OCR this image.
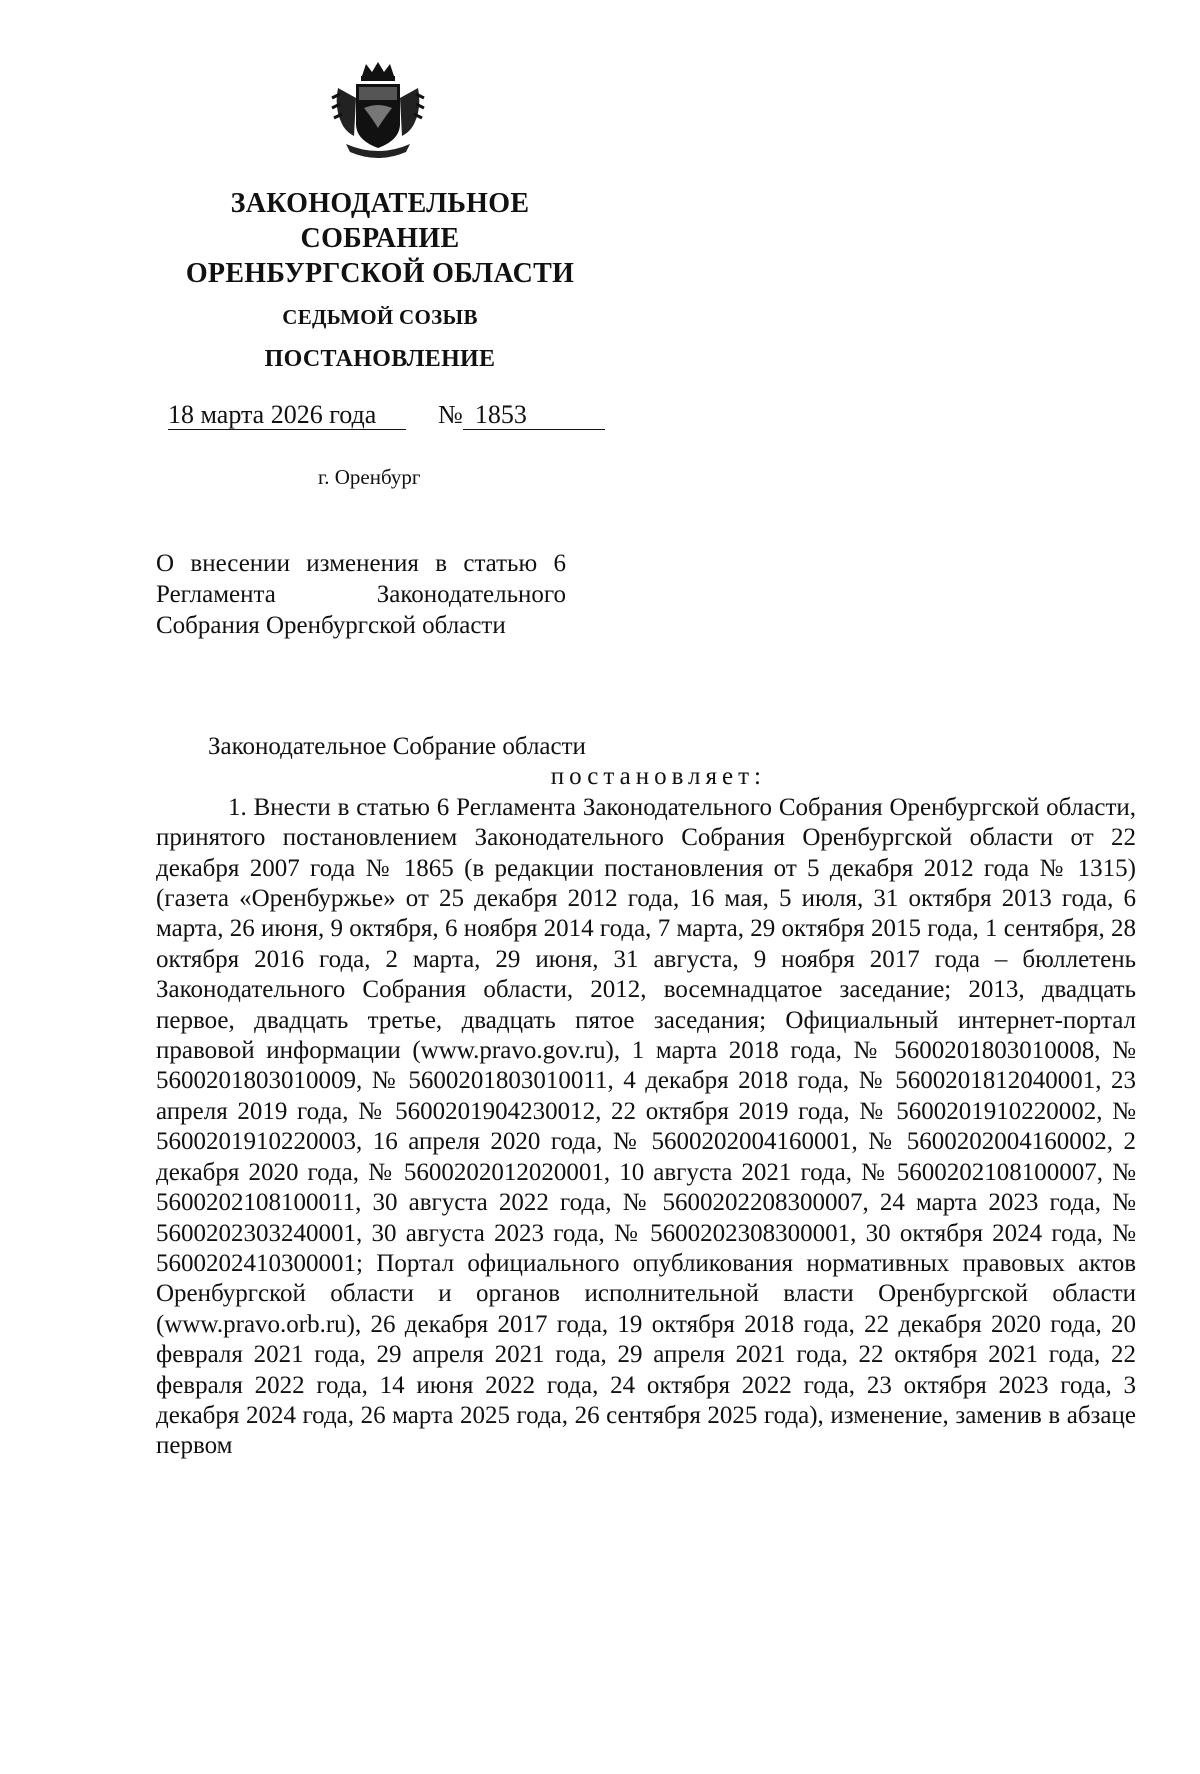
ЗАКОНОДАТЕЛЬНОЕ
СОБРАНИЕ
ОРЕНБУРГСКОЙ ОБЛАСТИ
СЕДЬМОЙ СОЗЫВ
ПОСТАНОВЛЕНИЕ
18 марта 2026 года № 1853
г. Оренбург
О внесении изменения в статью 6 Регламента Законодательного Собрания Оренбургской области

Законодательное Собрание области

постановляет:

1. Внести в статью 6 Регламента Законодательного Собрания Оренбургской области, принятого постановлением Законодательного Собрания Оренбургской области от 22 декабря 2007 года № 1865 (в редакции постановления от 5 декабря 2012 года № 1315) (газета «Оренбуржье» от 25 декабря 2012 года, 16 мая, 5 июля, 31 октября 2013 года, 6 марта, 26 июня, 9 октября, 6 ноября 2014 года, 7 марта, 29 октября 2015 года, 1 сентября, 28 октября 2016 года, 2 марта, 29 июня, 31 августа, 9 ноября 2017 года – бюллетень Законодательного Собрания области, 2012, восемнадцатое заседание; 2013, двадцать первое, двадцать третье, двадцать пятое заседания; Официальный интернет-портал правовой информации (www.pravo.gov.ru), 1 марта 2018 года, № 5600201803010008, № 5600201803010009, № 5600201803010011, 4 декабря 2018 года, № 5600201812040001, 23 апреля 2019 года, № 5600201904230012, 22 октября 2019 года, № 5600201910220002, № 5600201910220003, 16 апреля 2020 года, № 5600202004160001, № 5600202004160002, 2 декабря 2020 года, № 5600202012020001, 10 августа 2021 года, № 5600202108100007, № 5600202108100011, 30 августа 2022 года, № 5600202208300007, 24 марта 2023 года, № 5600202303240001, 30 августа 2023 года, № 5600202308300001, 30 октября 2024 года, № 5600202410300001; Портал официального опубликования нормативных правовых актов Оренбургской области и органов исполнительной власти Оренбургской области (www.pravo.orb.ru), 26 декабря 2017 года, 19 октября 2018 года, 22 декабря 2020 года, 20 февраля 2021 года, 29 апреля 2021 года, 29 апреля 2021 года, 22 октября 2021 года, 22 февраля 2022 года, 14 июня 2022 года, 24 октября 2022 года, 23 октября 2023 года, 3 декабря 2024 года, 26 марта 2025 года, 26 сентября 2025 года), изменение, заменив в абзаце первом
